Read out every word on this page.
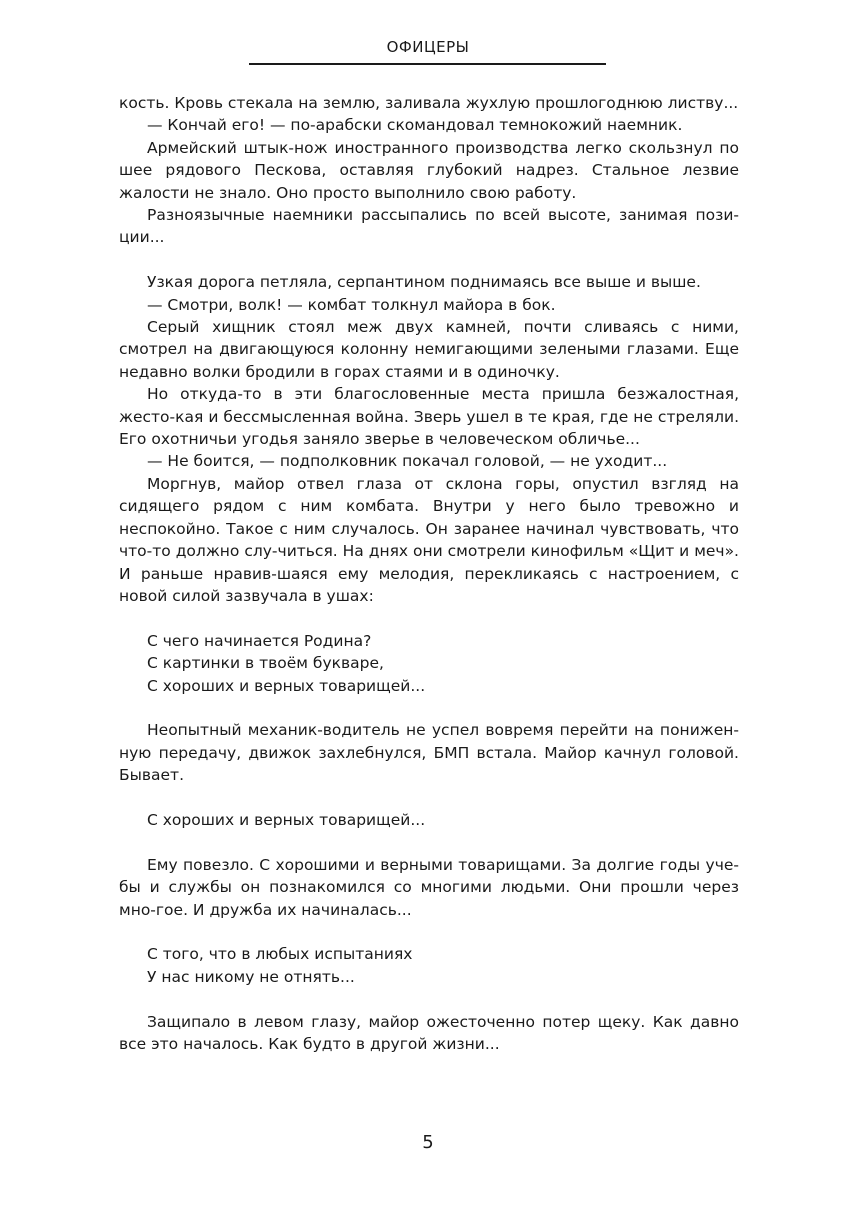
ОФИЦЕРЫ

кость. Кровь стекала на землю, заливала жухлую прошлогоднюю листву...

— Кончай его! — по-арабски скомандовал темнокожий наемник.

Армейский штык-нож иностранного производства легко скользнул по шее рядового Пескова, оставляя глубокий надрез. Стальное лезвие жалости не знало. Оно просто выполнило свою работу.

Разноязычные наемники рассыпались по всей высоте, занимая пози-ции...

Узкая дорога петляла, серпантином поднимаясь все выше и выше.

— Смотри, волк! — комбат толкнул майора в бок.

Серый хищник стоял меж двух камней, почти сливаясь с ними, смотрел на двигающуюся колонну немигающими зелеными глазами. Еще недавно волки бродили в горах стаями и в одиночку.

Но откуда-то в эти благословенные места пришла безжалостная, жесто-кая и бессмысленная война. Зверь ушел в те края, где не стреляли. Его охотничьи угодья заняло зверье в человеческом обличье...

— Не боится, — подполковник покачал головой, — не уходит...

Моргнув, майор отвел глаза от склона горы, опустил взгляд на сидящего рядом с ним комбата. Внутри у него было тревожно и неспокойно. Такое с ним случалось. Он заранее начинал чувствовать, что что-то должно слу-читься. На днях они смотрели кинофильм «Щит и меч». И раньше нравив-шаяся ему мелодия, перекликаясь с настроением, с новой силой зазвучала в ушах:

С чего начинается Родина?

С картинки в твоём букваре,

С хороших и верных товарищей...

Неопытный механик-водитель не успел вовремя перейти на понижен-ную передачу, движок захлебнулся, БМП встала. Майор качнул головой. Бывает.

С хороших и верных товарищей...

Ему повезло. С хорошими и верными товарищами. За долгие годы уче-бы и службы он познакомился со многими людьми. Они прошли через мно-гое. И дружба их начиналась...

С того, что в любых испытаниях

У нас никому не отнять...

Защипало в левом глазу, майор ожесточенно потер щеку. Как давно все это началось. Как будто в другой жизни...

5
